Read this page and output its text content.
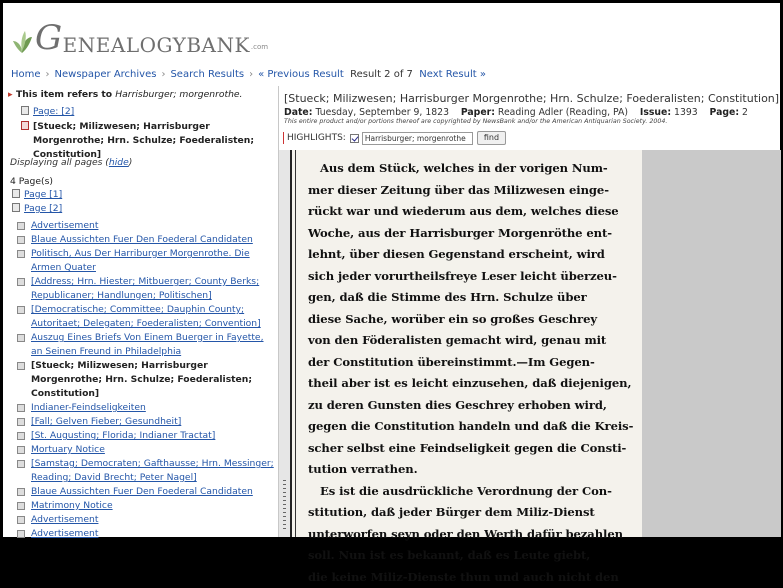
G ENEALOGYBANK .com
Home › Newspaper Archives › Search Results › « Previous Result Result 2 of 7 Next Result »
▸ This item refers to Harrisburger; morgenrothe.
Page: [2]
[Stueck; Milizwesen; Harrisburger Morgenrothe; Hrn. Schulze; Foederalisten; Constitution]
Displaying all pages (hide)
4 Page(s)
Page [1]
Page [2]
Advertisement
Blaue Aussichten Fuer Den Foederal Candidaten
Politisch, Aus Der Harriburger Morgenrothe. Die Armen Quater
[Address; Hrn. Hiester; Mitbuerger; County Berks; Republicaner; Handlungen; Politischen]
[Democratische; Committee; Dauphin County; Autoritaet; Delegaten; Foederalisten; Convention]
Auszug Eines Briefs Von Einem Buerger in Fayette, an Seinen Freund in Philadelphia
[Stueck; Milizwesen; Harrisburger Morgenrothe; Hrn. Schulze; Foederalisten; Constitution]
Indianer-Feindseligkeiten
[Fall; Gelven Fieber; Gesundheit]
[St. Augusting; Florida; Indianer Tractat]
Mortuary Notice
[Samstag; Democraten; Gafthausse; Hrn. Messinger; Reading; David Brecht; Peter Nagel]
Blaue Aussichten Fuer Den Foederal Candidaten
Matrimony Notice
Advertisement
Advertisement
[Stueck; Milizwesen; Harrisburger Morgenrothe; Hrn. Schulze; Foederalisten; Constitution]
Date: Tuesday, September 9, 1823 Paper: Reading Adler (Reading, PA) Issue: 1393 Page: 2
This entire product and/or portions thereof are copyrighted by NewsBank and/or the American Antiquarian Society. 2004.
HIGHLIGHTS:	Harrisburger; morgenrothe	find
Aus dem Stück, welches in der vorigen Num-
mer dieser Zeitung über das Milizwesen einge-
rückt war und wiederum aus dem, welches diese
Woche, aus der Harrisburger Morgenröthe ent-
lehnt, über diesen Gegenstand erscheint, wird
sich jeder vorurtheilsfreye Leser leicht überzeu-
gen, daß die Stimme des Hrn. Schulze über
diese Sache, worüber ein so großes Geschrey
von den Föderalisten gemacht wird, genau mit
der Constitution übereinstimmt.—Im Gegen-
theil aber ist es leicht einzusehen, daß diejenigen,
zu deren Gunsten dies Geschrey erhoben wird,
gegen die Constitution handeln und daß die Kreis-
scher selbst eine Feindseligkeit gegen die Consti-
tution verrathen.
Es ist die ausdrückliche Verordnung der Con-
stitution, daß jeder Bürger dem Miliz-Dienst
unterworfen seyn oder den Werth dafür bezahlen
soll. Nun ist es bekannt, daß es Leute giebt,
die keine Miliz-Dienste thun und auch nicht den
